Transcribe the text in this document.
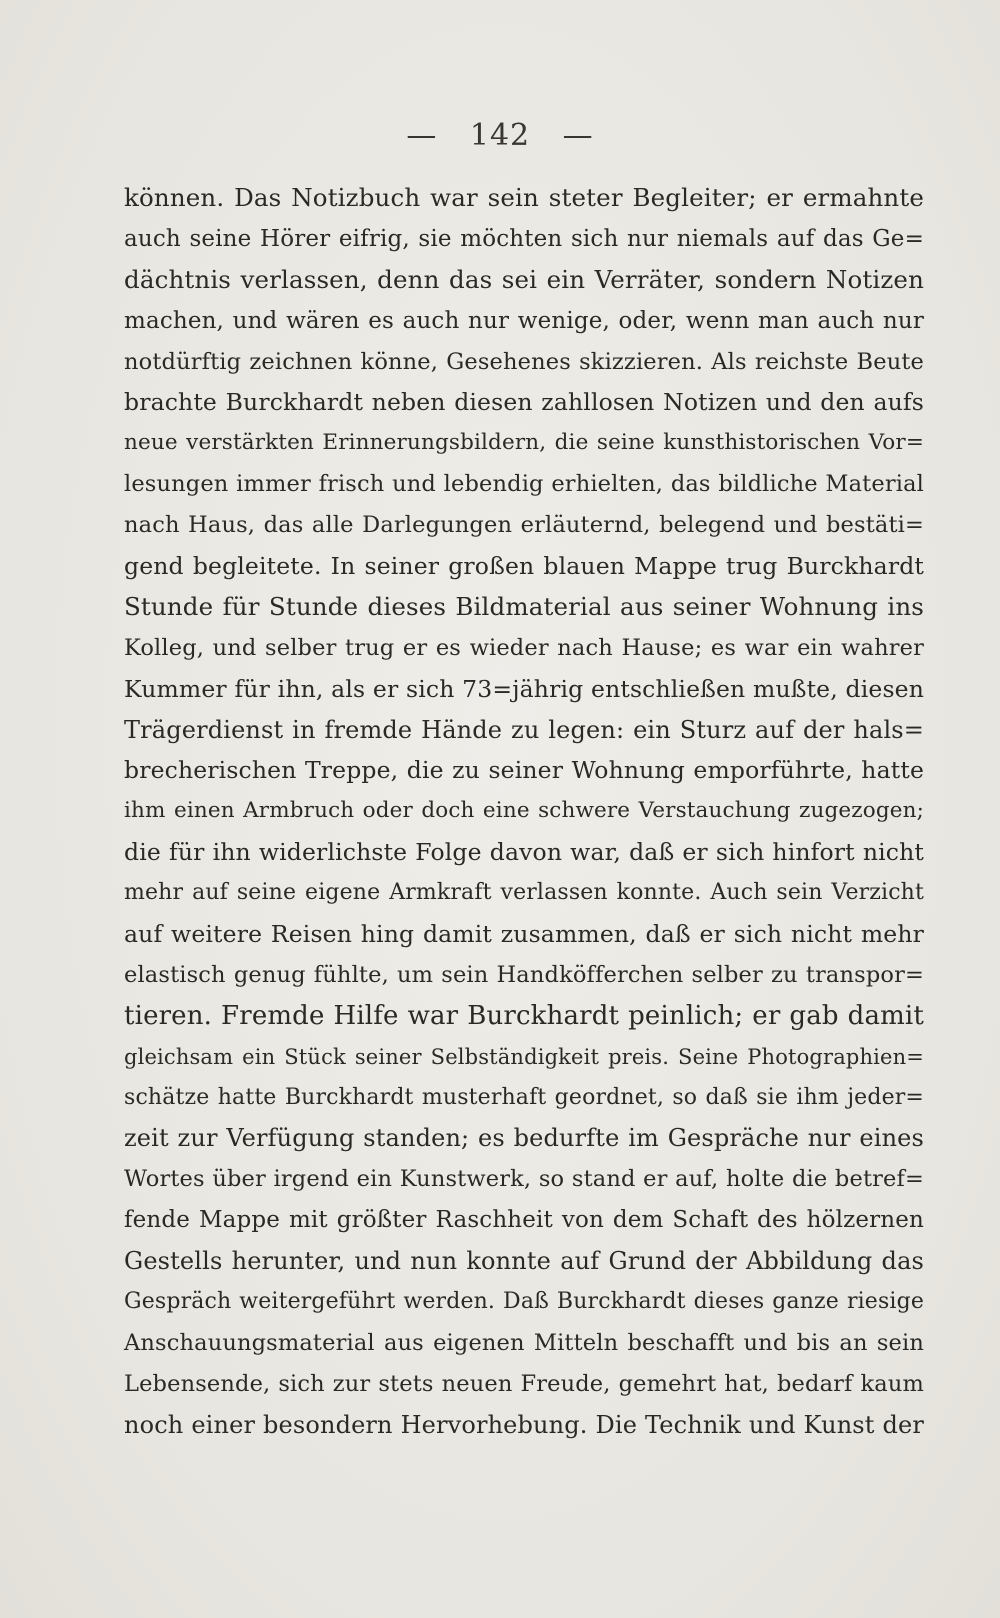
— 142 —
können. Das Notizbuch war sein steter Begleiter; er ermahnte
auch seine Hörer eifrig, sie möchten sich nur niemals auf das Ge=
dächtnis verlassen, denn das sei ein Verräter, sondern Notizen
machen, und wären es auch nur wenige, oder, wenn man auch nur
notdürftig zeichnen könne, Gesehenes skizzieren. Als reichste Beute
brachte Burckhardt neben diesen zahllosen Notizen und den aufs
neue verstärkten Erinnerungsbildern, die seine kunsthistorischen Vor=
lesungen immer frisch und lebendig erhielten, das bildliche Material
nach Haus, das alle Darlegungen erläuternd, belegend und bestäti=
gend begleitete. In seiner großen blauen Mappe trug Burckhardt
Stunde für Stunde dieses Bildmaterial aus seiner Wohnung ins
Kolleg, und selber trug er es wieder nach Hause; es war ein wahrer
Kummer für ihn, als er sich 73=jährig entschließen mußte, diesen
Trägerdienst in fremde Hände zu legen: ein Sturz auf der hals=
brecherischen Treppe, die zu seiner Wohnung emporführte, hatte
ihm einen Armbruch oder doch eine schwere Verstauchung zugezogen;
die für ihn widerlichste Folge davon war, daß er sich hinfort nicht
mehr auf seine eigene Armkraft verlassen konnte. Auch sein Verzicht
auf weitere Reisen hing damit zusammen, daß er sich nicht mehr
elastisch genug fühlte, um sein Handköfferchen selber zu transpor=
tieren. Fremde Hilfe war Burckhardt peinlich; er gab damit
gleichsam ein Stück seiner Selbständigkeit preis. Seine Photographien=
schätze hatte Burckhardt musterhaft geordnet, so daß sie ihm jeder=
zeit zur Verfügung standen; es bedurfte im Gespräche nur eines
Wortes über irgend ein Kunstwerk, so stand er auf, holte die betref=
fende Mappe mit größter Raschheit von dem Schaft des hölzernen
Gestells herunter, und nun konnte auf Grund der Abbildung das
Gespräch weitergeführt werden. Daß Burckhardt dieses ganze riesige
Anschauungsmaterial aus eigenen Mitteln beschafft und bis an sein
Lebensende, sich zur stets neuen Freude, gemehrt hat, bedarf kaum
noch einer besondern Hervorhebung. Die Technik und Kunst der
